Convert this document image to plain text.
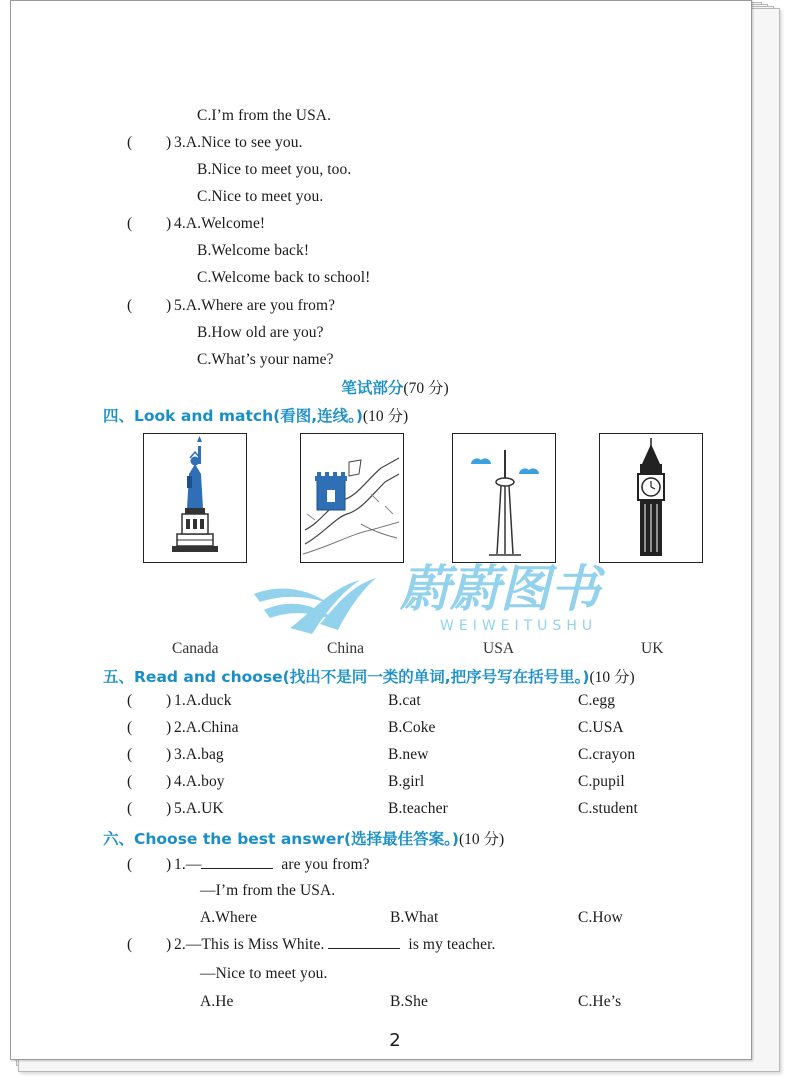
C.I’m from the USA.
( ) 3.A.Nice to see you.
B.Nice to meet you, too.
C.Nice to meet you.
( ) 4.A.Welcome!
B.Welcome back!
C.Welcome back to school!
( ) 5.A.Where are you from?
B.How old are you?
C.What’s your name?
笔试部分(70 分)
四、Look and match(看图,连线。)(10 分)
Canada	China	USA	UK
蔚蔚图书
WEIWEITUSHU
五、Read and choose(找出不是同一类的单词,把序号写在括号里。)(10 分)
( ) 1.A.duck	B.cat	C.egg
( ) 2.A.China	B.Coke	C.USA
( ) 3.A.bag	B.new	C.crayon
( ) 4.A.boy	B.girl	C.pupil
( ) 5.A.UK	B.teacher	C.student
六、Choose the best answer(选择最佳答案。)(10 分)
( ) 1.—	are you from?
—I’m from the USA.
A.Where	B.What	C.How
( ) 2.—This is Miss White.	is my teacher.
—Nice to meet you.
A.He	B.She	C.He’s
2
